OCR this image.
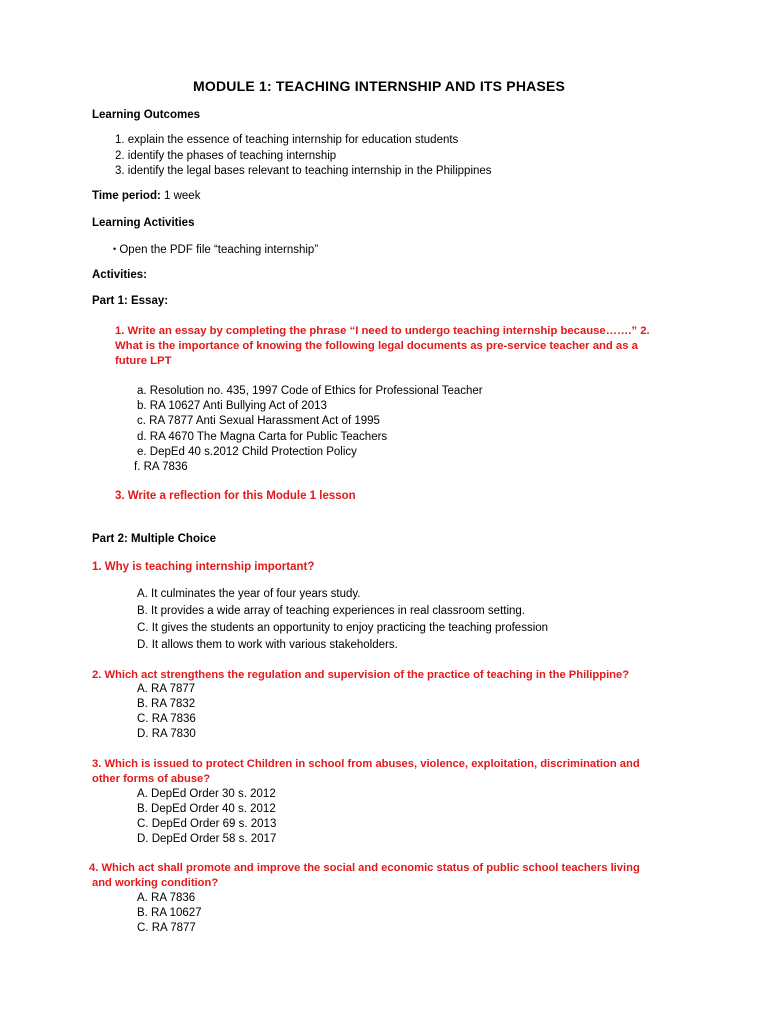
MODULE 1: TEACHING INTERNSHIP AND ITS PHASES
Learning Outcomes
1. explain the essence of teaching internship for education students
2. identify the phases of teaching internship
3. identify the legal bases relevant to teaching internship in the Philippines
Time period: 1 week
Learning Activities
• Open the PDF file “teaching internship”
Activities:
Part 1: Essay:
1. Write an essay by completing the phrase “I need to undergo teaching internship because…….” 2.
What is the importance of knowing the following legal documents as pre-service teacher and as a
future LPT
a. Resolution no. 435, 1997 Code of Ethics for Professional Teacher
b. RA 10627 Anti Bullying Act of 2013
c. RA 7877 Anti Sexual Harassment Act of 1995
d. RA 4670 The Magna Carta for Public Teachers
e. DepEd 40 s.2012 Child Protection Policy
f. RA 7836
3. Write a reflection for this Module 1 lesson
Part 2: Multiple Choice
1. Why is teaching internship important?
A. It culminates the year of four years study.
B. It provides a wide array of teaching experiences in real classroom setting.
C. It gives the students an opportunity to enjoy practicing the teaching profession
D. It allows them to work with various stakeholders.
2. Which act strengthens the regulation and supervision of the practice of teaching in the Philippine?
A. RA 7877
B. RA 7832
C. RA 7836
D. RA 7830
3. Which is issued to protect Children in school from abuses, violence, exploitation, discrimination and
other forms of abuse?
A. DepEd Order 30 s. 2012
B. DepEd Order 40 s. 2012
C. DepEd Order 69 s. 2013
D. DepEd Order 58 s. 2017
4. Which act shall promote and improve the social and economic status of public school teachers living
and working condition?
A. RA 7836
B. RA 10627
C. RA 7877
